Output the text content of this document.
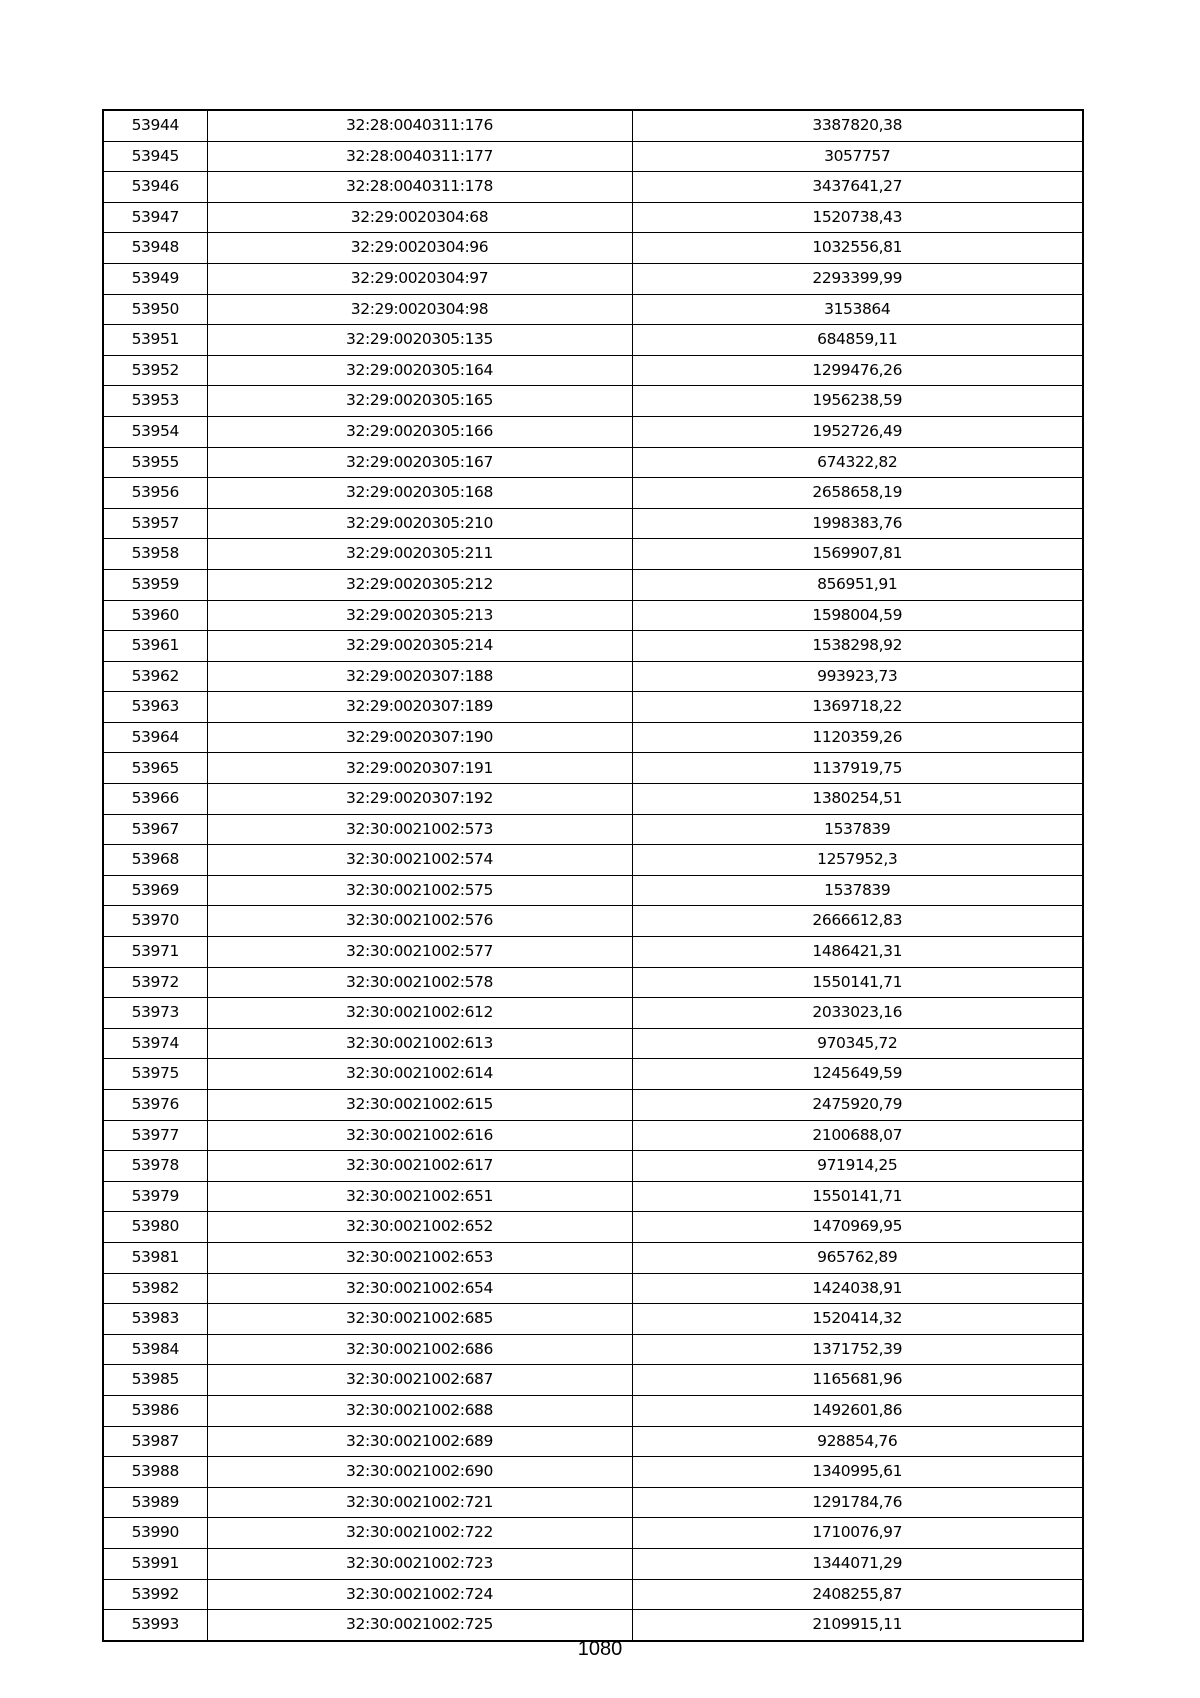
53944	32:28:0040311:176	3387820,38
53945	32:28:0040311:177	3057757
53946	32:28:0040311:178	3437641,27
53947	32:29:0020304:68	1520738,43
53948	32:29:0020304:96	1032556,81
53949	32:29:0020304:97	2293399,99
53950	32:29:0020304:98	3153864
53951	32:29:0020305:135	684859,11
53952	32:29:0020305:164	1299476,26
53953	32:29:0020305:165	1956238,59
53954	32:29:0020305:166	1952726,49
53955	32:29:0020305:167	674322,82
53956	32:29:0020305:168	2658658,19
53957	32:29:0020305:210	1998383,76
53958	32:29:0020305:211	1569907,81
53959	32:29:0020305:212	856951,91
53960	32:29:0020305:213	1598004,59
53961	32:29:0020305:214	1538298,92
53962	32:29:0020307:188	993923,73
53963	32:29:0020307:189	1369718,22
53964	32:29:0020307:190	1120359,26
53965	32:29:0020307:191	1137919,75
53966	32:29:0020307:192	1380254,51
53967	32:30:0021002:573	1537839
53968	32:30:0021002:574	1257952,3
53969	32:30:0021002:575	1537839
53970	32:30:0021002:576	2666612,83
53971	32:30:0021002:577	1486421,31
53972	32:30:0021002:578	1550141,71
53973	32:30:0021002:612	2033023,16
53974	32:30:0021002:613	970345,72
53975	32:30:0021002:614	1245649,59
53976	32:30:0021002:615	2475920,79
53977	32:30:0021002:616	2100688,07
53978	32:30:0021002:617	971914,25
53979	32:30:0021002:651	1550141,71
53980	32:30:0021002:652	1470969,95
53981	32:30:0021002:653	965762,89
53982	32:30:0021002:654	1424038,91
53983	32:30:0021002:685	1520414,32
53984	32:30:0021002:686	1371752,39
53985	32:30:0021002:687	1165681,96
53986	32:30:0021002:688	1492601,86
53987	32:30:0021002:689	928854,76
53988	32:30:0021002:690	1340995,61
53989	32:30:0021002:721	1291784,76
53990	32:30:0021002:722	1710076,97
53991	32:30:0021002:723	1344071,29
53992	32:30:0021002:724	2408255,87
53993	32:30:0021002:725	2109915,11
1080
